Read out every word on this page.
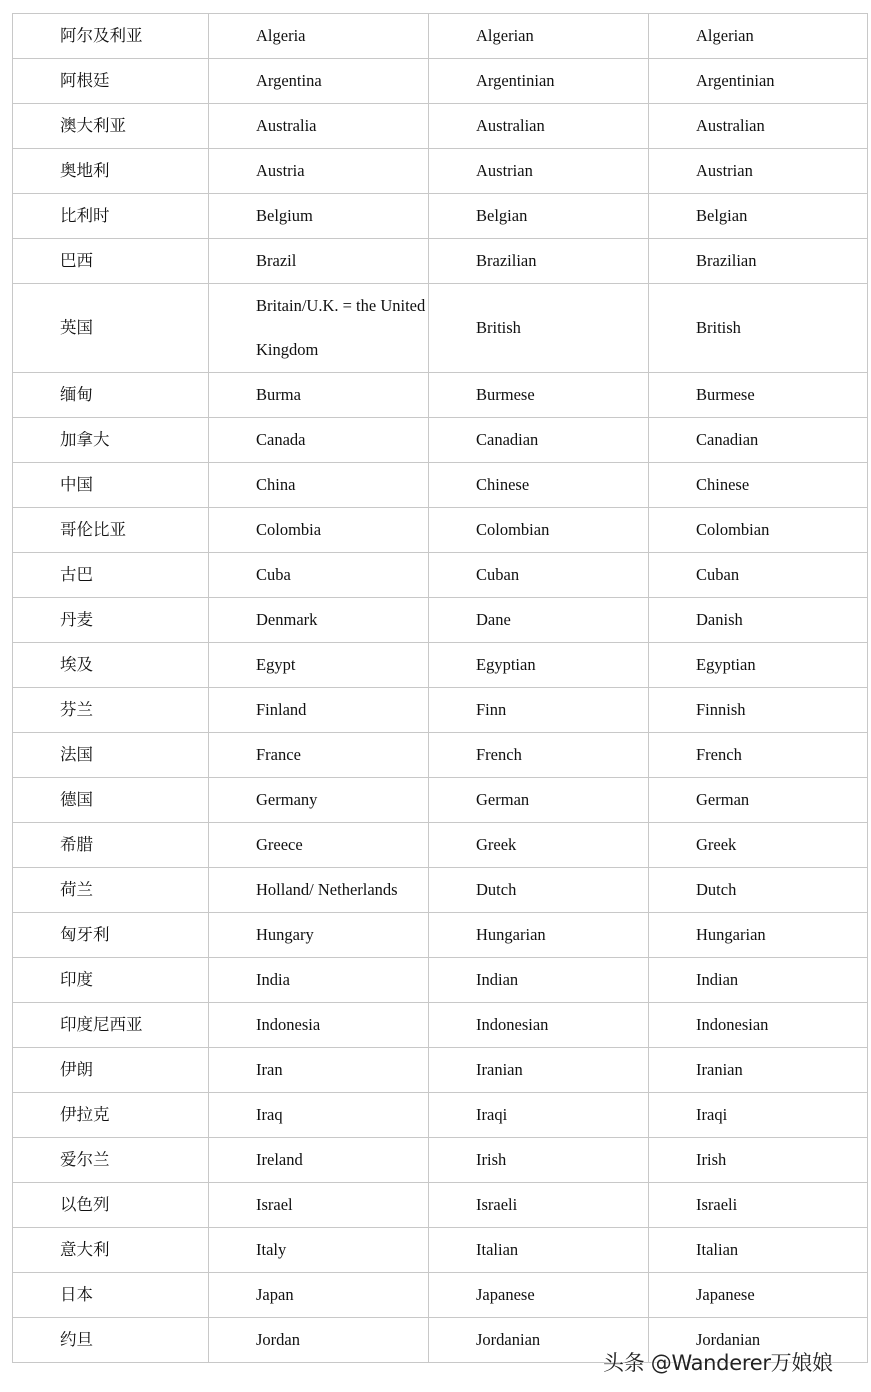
阿尔及利亚	Algeria	Algerian	Algerian
阿根廷	Argentina	Argentinian	Argentinian
澳大利亚	Australia	Australian	Australian
奥地利	Austria	Austrian	Austrian
比利时	Belgium	Belgian	Belgian
巴西	Brazil	Brazilian	Brazilian
英国	Britain/U.K. = the United Kingdom	British	British
缅甸	Burma	Burmese	Burmese
加拿大	Canada	Canadian	Canadian
中国	China	Chinese	Chinese
哥伦比亚	Colombia	Colombian	Colombian
古巴	Cuba	Cuban	Cuban
丹麦	Denmark	Dane	Danish
埃及	Egypt	Egyptian	Egyptian
芬兰	Finland	Finn	Finnish
法国	France	French	French
德国	Germany	German	German
希腊	Greece	Greek	Greek
荷兰	Holland/ Netherlands	Dutch	Dutch
匈牙利	Hungary	Hungarian	Hungarian
印度	India	Indian	Indian
印度尼西亚	Indonesia	Indonesian	Indonesian
伊朗	Iran	Iranian	Iranian
伊拉克	Iraq	Iraqi	Iraqi
爱尔兰	Ireland	Irish	Irish
以色列	Israel	Israeli	Israeli
意大利	Italy	Italian	Italian
日本	Japan	Japanese	Japanese
约旦	Jordan	Jordanian	Jordanian
头条 @Wanderer万娘娘
